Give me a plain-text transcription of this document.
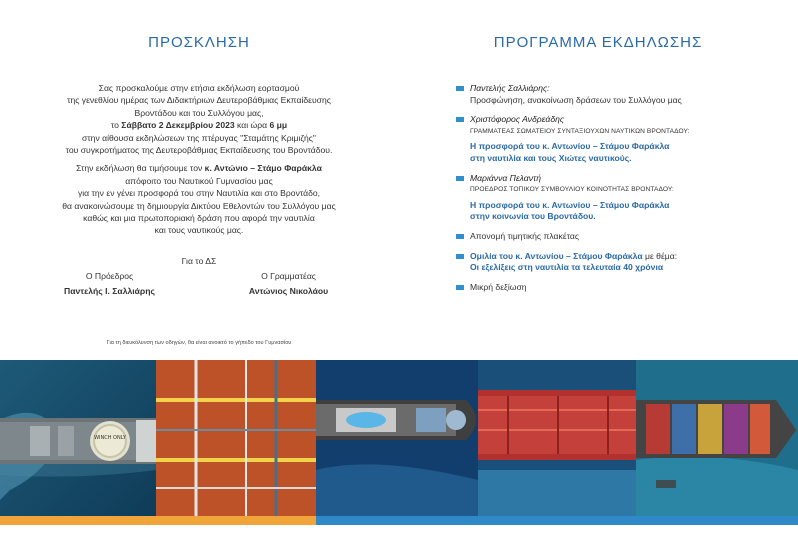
ΠΡΟΣΚΛΗΣΗ

Σας προσκαλούμε στην ετήσια εκδήλωση εορτασμού

της γενεθλίου ημέρας των Διδακτήριων Δευτεροβάθμιας Εκπαίδευσης

Βροντάδου και του Συλλόγου μας,

το Σάββατο 2 Δεκεμβρίου 2023 και ώρα 6 μμ

στην αίθουσα εκδηλώσεων της πτέρυγας "Σταμάτης Κριμιζής"

του συγκροτήματος της Δευτεροβάθμιας Εκπαίδευσης του Βροντάδου.

Στην εκδήλωση θα τιμήσουμε τον κ. Αντώνιο – Στάμο Φαράκλα

απόφοιτο του Ναυτικού Γυμνασίου μας

για την εν γένει προσφορά του στην Ναυτιλία και στο Βροντάδο,

θα ανακοινώσουμε τη δημιουργία Δικτύου Εθελοντών του Συλλόγου μας

καθώς και μια πρωτοποριακή δράση που αφορά την ναυτιλία

και τους ναυτικούς μας.

Για το ΔΣ
Ο Πρόεδρος	Ο Γραμματέας
Παντελής Ι. Σαλλιάρης	Αντώνιος Νικολάου
Για τη διευκόλυνση των οδηγών, θα είναι ανοικτό το γήπεδο του Γυμνασίου
ΠΡΟΓΡΑΜΜΑ ΕΚΔΗΛΩΣΗΣ
Παντελής Σαλλιάρης:
Προσφώνηση, ανακοίνωση δράσεων του Συλλόγου μας
Χριστόφορος Ανδρεάδης
ΓΡΑΜΜΑΤΕΑΣ ΣΩΜΑΤΕΙΟΥ ΣΥΝΤΑΞΙΟΥΧΩΝ ΝΑΥΤΙΚΩΝ ΒΡΟΝΤΑΔΟΥ:
Η προσφορά του κ. Αντωνίου – Στάμου Φαράκλα
στη ναυτιλία και τους Χιώτες ναυτικούς.
Μαριάννα Πελαντή
ΠΡΟΕΔΡΟΣ ΤΟΠΙΚΟΥ ΣΥΜΒΟΥΛΙΟΥ ΚΟΙΝΟΤΗΤΑΣ ΒΡΟΝΤΑΔΟΥ:
Η προσφορά του κ. Αντωνίου – Στάμου Φαράκλα
στην κοινωνία του Βροντάδου.
Απονομή τιμητικής πλακέτας
Ομιλία του κ. Αντωνίου – Στάμου Φαράκλα με θέμα:
Οι εξελίξεις στη ναυτιλία τα τελευταία 40 χρόνια
Μικρή δεξίωση
WINCH ONLY
